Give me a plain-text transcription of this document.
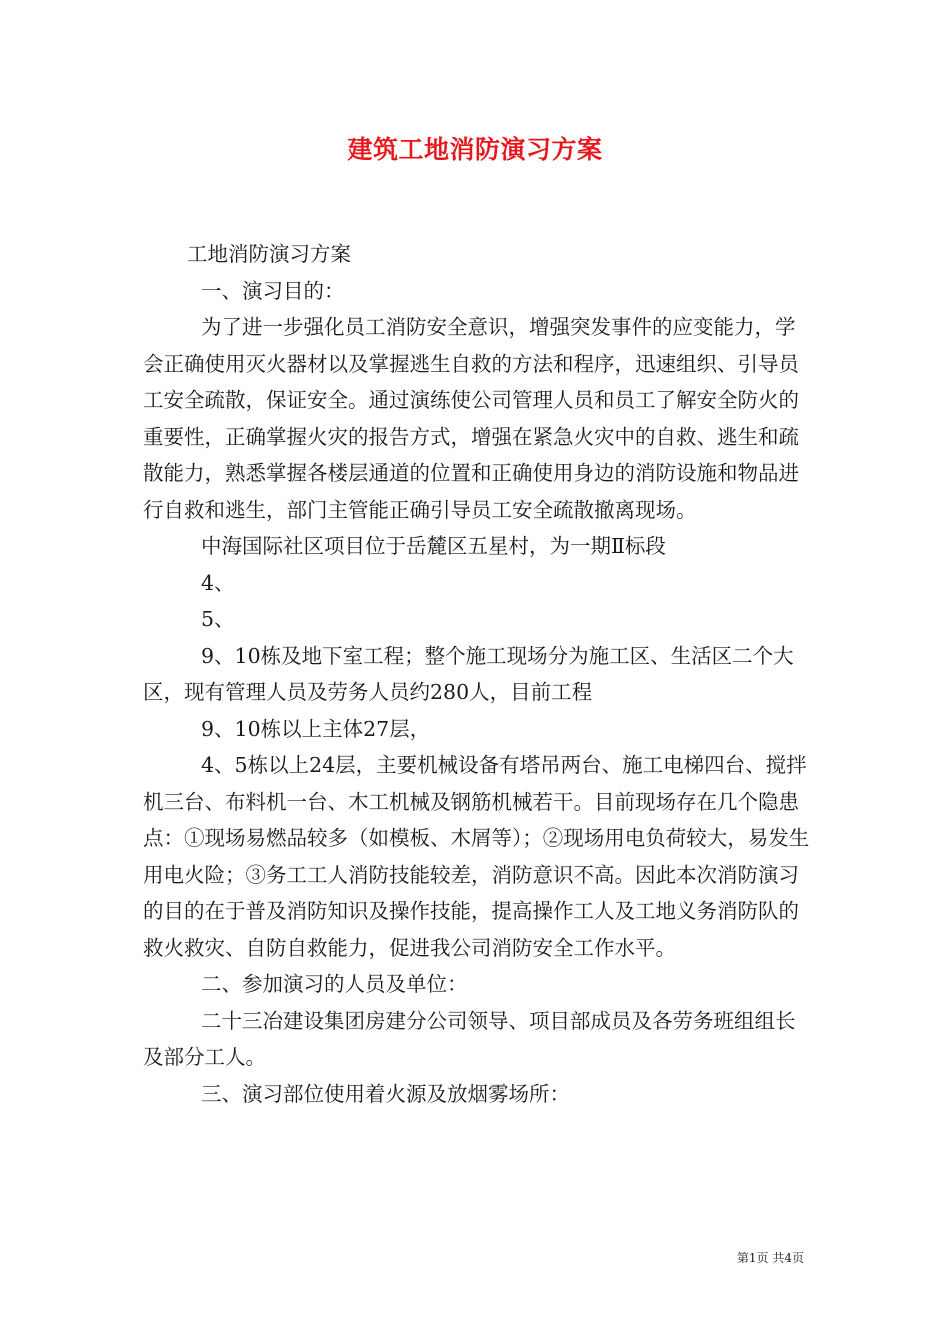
建筑工地消防演习方案

工地消防演习方案

一、演习目的：

为了进一步强化员工消防安全意识，增强突发事件的应变能力，学会正确使用灭火器材以及掌握逃生自救的方法和程序，迅速组织、引导员工安全疏散，保证安全。通过演练使公司管理人员和员工了解安全防火的重要性，正确掌握火灾的报告方式，增强在紧急火灾中的自救、逃生和疏散能力，熟悉掌握各楼层通道的位置和正确使用身边的消防设施和物品进行自救和逃生，部门主管能正确引导员工安全疏散撤离现场。

中海国际社区项目位于岳麓区五星村，为一期Ⅱ标段

4、

5、

9、10栋及地下室工程；整个施工现场分为施工区、生活区二个大区，现有管理人员及劳务人员约280人，目前工程

9、10栋以上主体27层，

4、5栋以上24层，主要机械设备有塔吊两台、施工电梯四台、搅拌机三台、布料机一台、木工机械及钢筋机械若干。目前现场存在几个隐患点：①现场易燃品较多（如模板、木屑等）；②现场用电负荷较大，易发生用电火险；③务工工人消防技能较差，消防意识不高。因此本次消防演习的目的在于普及消防知识及操作技能，提高操作工人及工地义务消防队的救火救灾、自防自救能力，促进我公司消防安全工作水平。

二、参加演习的人员及单位：

二十三冶建设集团房建分公司领导、项目部成员及各劳务班组组长及部分工人。

三、演习部位使用着火源及放烟雾场所：

第1页 共4页
